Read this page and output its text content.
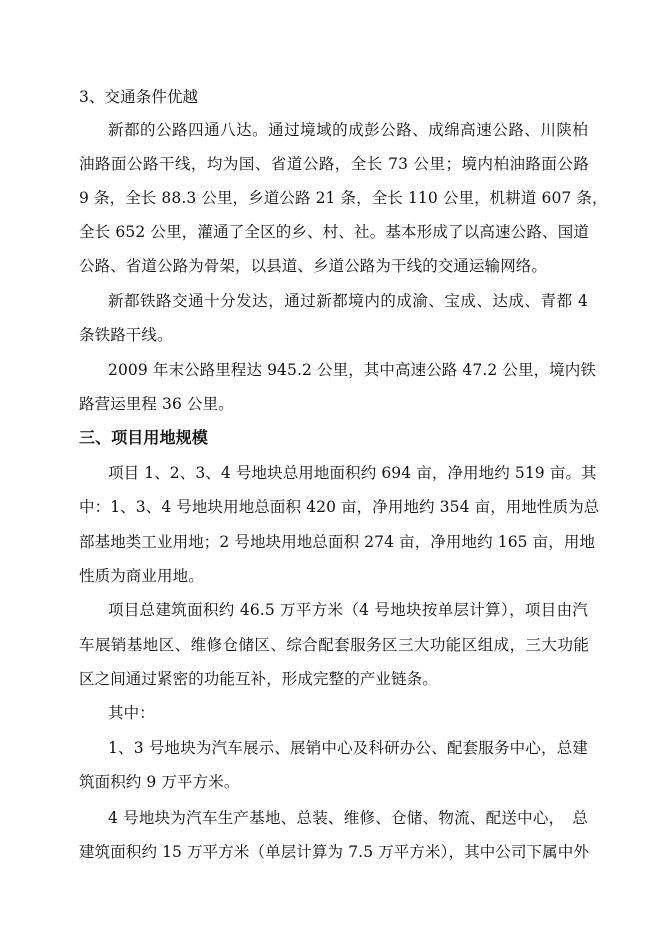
3、交通条件优越
新都的公路四通八达。通过境域的成彭公路、成绵高速公路、川陕柏
油路面公路干线，均为国、省道公路，全长 73 公里；境内柏油路面公路
9 条，全长 88.3 公里，乡道公路 21 条，全长 110 公里，机耕道 607 条，
全长 652 公里，灌通了全区的乡、村、社。基本形成了以高速公路、国道
公路、省道公路为骨架，以县道、乡道公路为干线的交通运输网络。
新都铁路交通十分发达，通过新都境内的成渝、宝成、达成、青都 4
条铁路干线。
2009 年末公路里程达 945.2 公里，其中高速公路 47.2 公里，境内铁
路营运里程 36 公里。
三、项目用地规模
项目 1、2、3、4 号地块总用地面积约 694 亩，净用地约 519 亩。其
中：1、3、4 号地块用地总面积 420 亩，净用地约 354 亩，用地性质为总
部基地类工业用地；2 号地块用地总面积 274 亩，净用地约 165 亩，用地
性质为商业用地。
项目总建筑面积约 46.5 万平方米（4 号地块按单层计算），项目由汽
车展销基地区、维修仓储区、综合配套服务区三大功能区组成，三大功能
区之间通过紧密的功能互补，形成完整的产业链条。
其中：
1、3 号地块为汽车展示、展销中心及科研办公、配套服务中心，总建
筑面积约 9 万平方米。
4 号地块为汽车生产基地、总装、维修、仓储、物流、配送中心，　总
建筑面积约 15 万平方米（单层计算为 7.5 万平方米），其中公司下属中外
